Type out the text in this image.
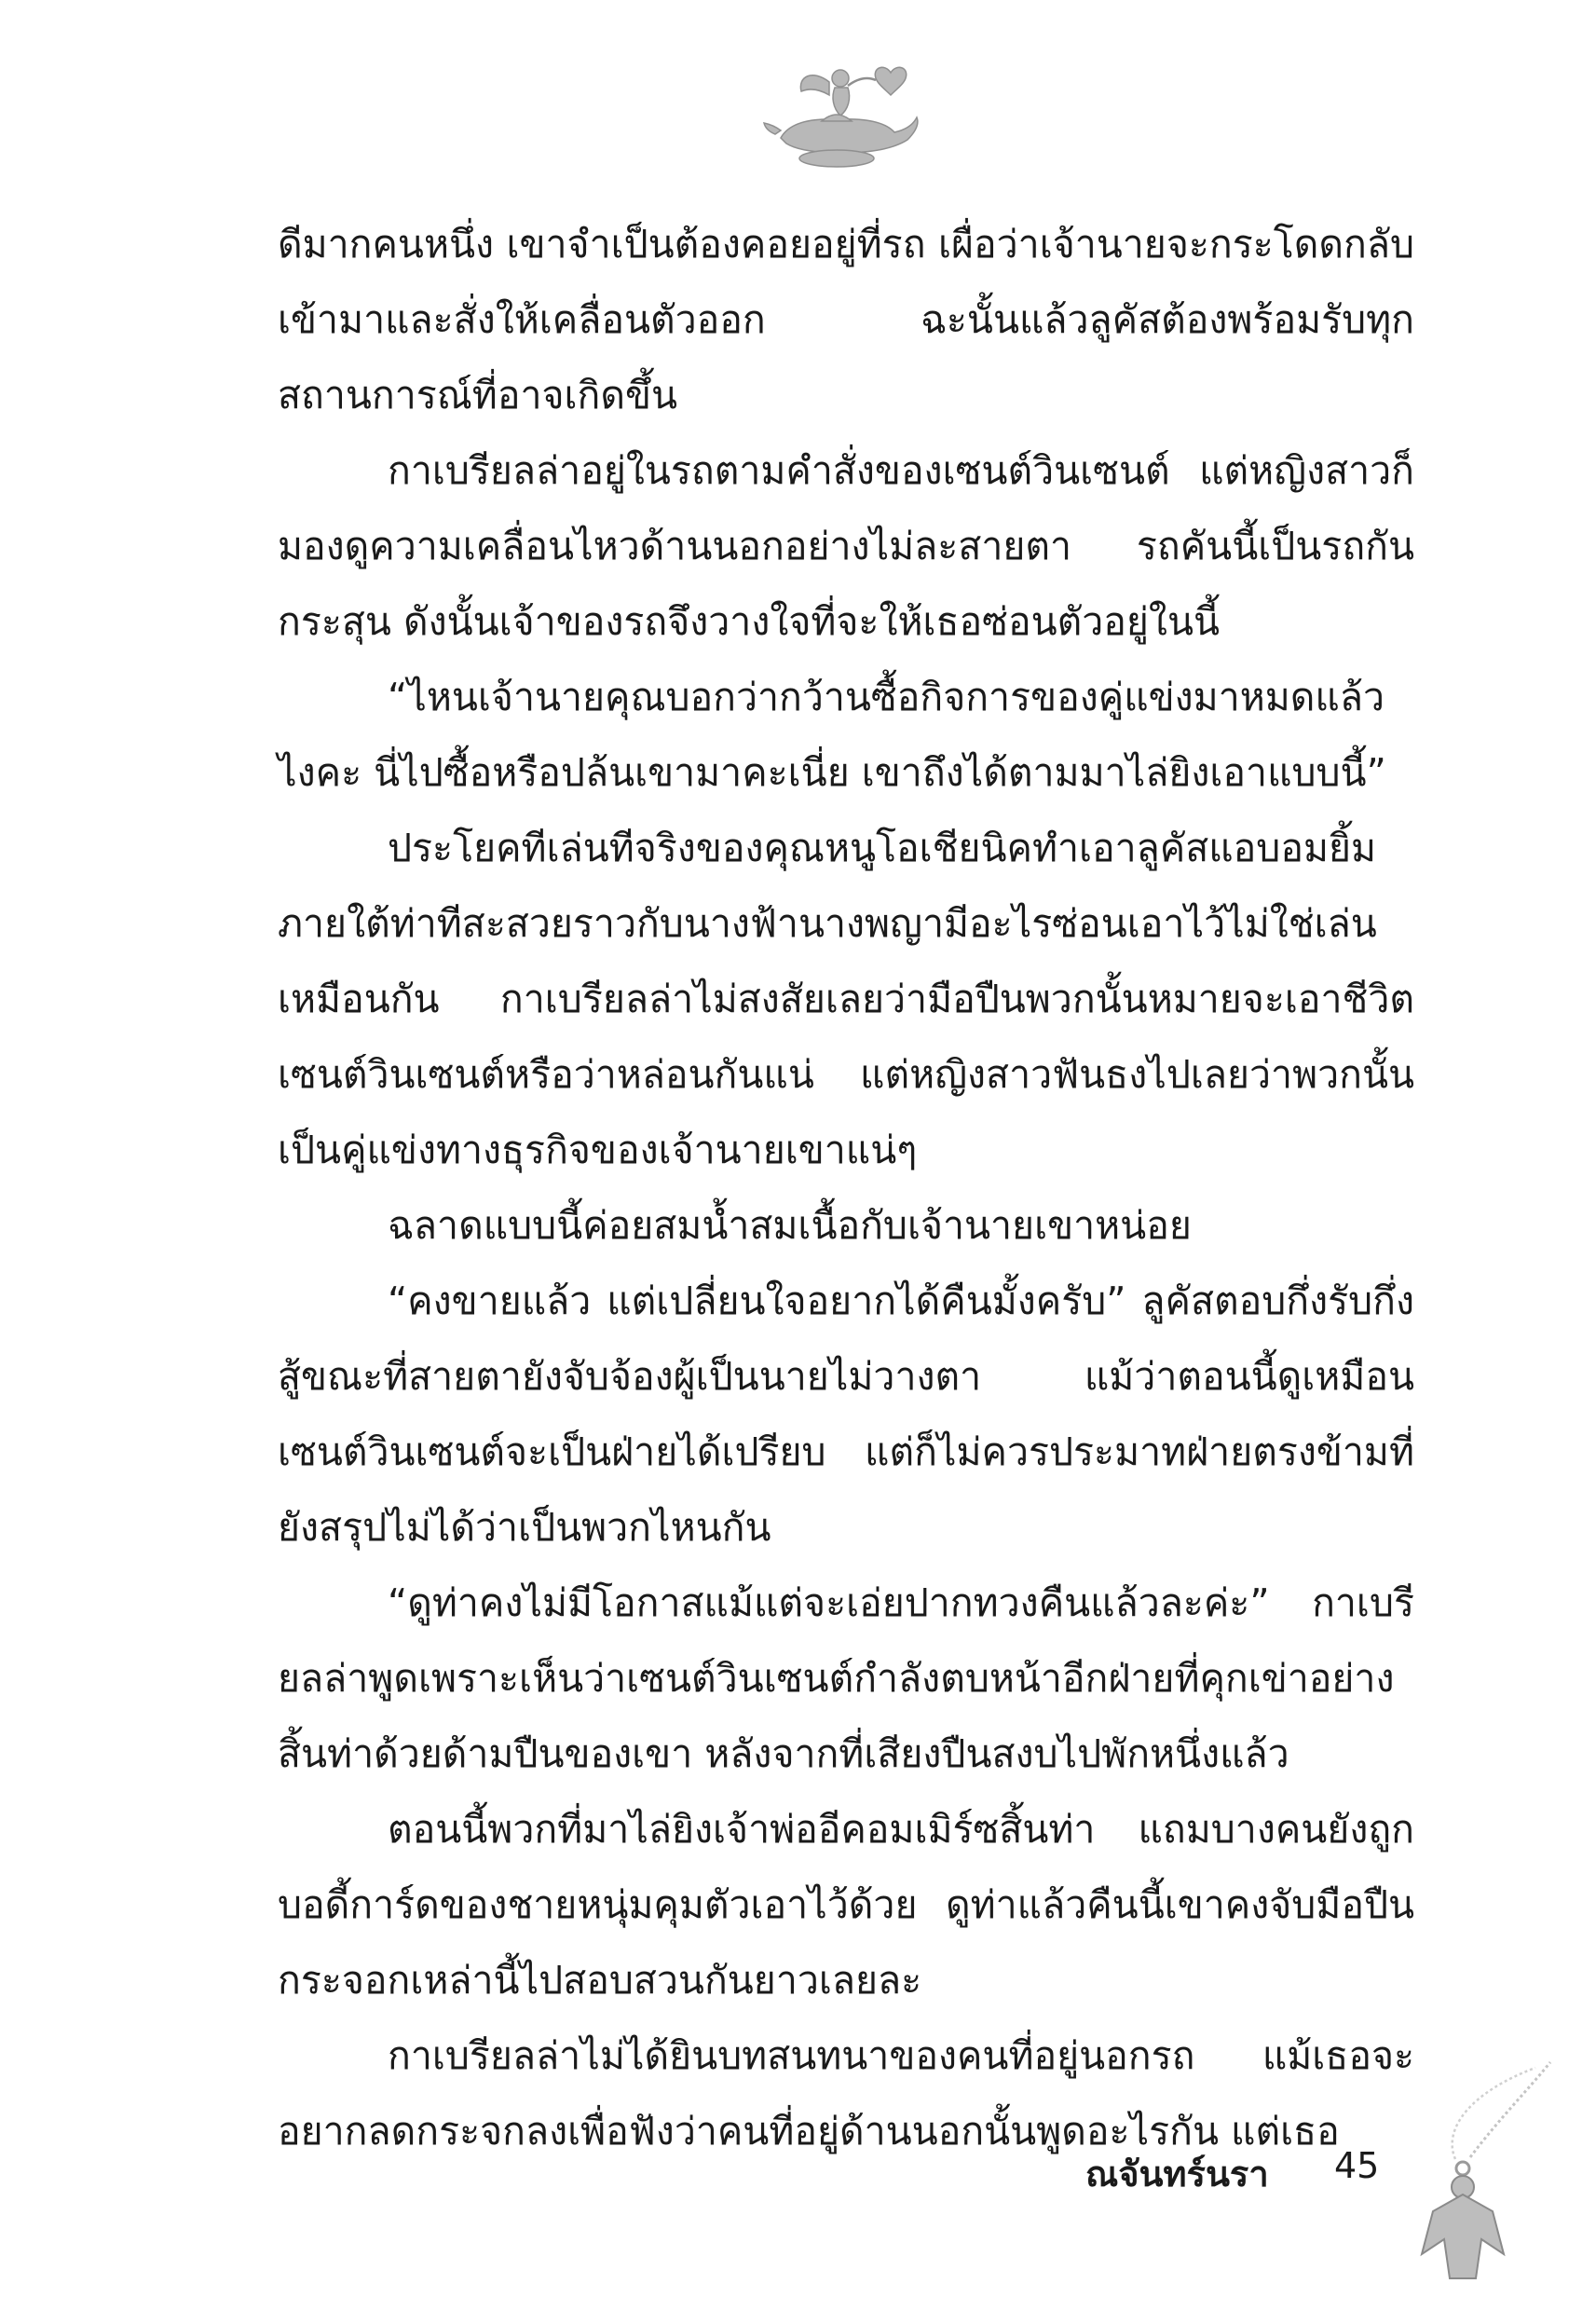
ดีมากคนหนึ่ง เขาจำเป็นต้องคอยอยู่ที่รถ เผื่อว่าเจ้านายจะกระโดดกลับเข้ามาและสั่งให้เคลื่อนตัวออก ฉะนั้นแล้วลูคัสต้องพร้อมรับทุกสถานการณ์ที่อาจเกิดขึ้น

กาเบรียลล่าอยู่ในรถตามคำสั่งของเซนต์วินเซนต์ แต่หญิงสาวก็มองดูความเคลื่อนไหวด้านนอกอย่างไม่ละสายตา รถคันนี้เป็นรถกันกระสุน ดังนั้นเจ้าของรถจึงวางใจที่จะให้เธอซ่อนตัวอยู่ในนี้

“ไหนเจ้านายคุณบอกว่ากว้านซื้อกิจการของคู่แข่งมาหมดแล้วไงคะ นี่ไปซื้อหรือปล้นเขามาคะเนี่ย เขาถึงได้ตามมาไล่ยิงเอาแบบนี้”

ประโยคทีเล่นทีจริงของคุณหนูโอเชียนิคทำเอาลูคัสแอบอมยิ้ม ภายใต้ท่าทีสะสวยราวกับนางฟ้านางพญามีอะไรซ่อนเอาไว้ไม่ใช่เล่นเหมือนกัน กาเบรียลล่าไม่สงสัยเลยว่ามือปืนพวกนั้นหมายจะเอาชีวิตเซนต์วินเซนต์หรือว่าหล่อนกันแน่ แต่หญิงสาวฟันธงไปเลยว่าพวกนั้นเป็นคู่แข่งทางธุรกิจของเจ้านายเขาแน่ๆ

ฉลาดแบบนี้ค่อยสมน้ำสมเนื้อกับเจ้านายเขาหน่อย

“คงขายแล้ว แต่เปลี่ยนใจอยากได้คืนมั้งครับ” ลูคัสตอบกึ่งรับกึ่งสู้ขณะที่สายตายังจับจ้องผู้เป็นนายไม่วางตา แม้ว่าตอนนี้ดูเหมือนเซนต์วินเซนต์จะเป็นฝ่ายได้เปรียบ แต่ก็ไม่ควรประมาทฝ่ายตรงข้ามที่ยังสรุปไม่ได้ว่าเป็นพวกไหนกัน

“ดูท่าคงไม่มีโอกาสแม้แต่จะเอ่ยปากทวงคืนแล้วละค่ะ” กาเบรียลล่าพูดเพราะเห็นว่าเซนต์วินเซนต์กำลังตบหน้าอีกฝ่ายที่คุกเข่าอย่างสิ้นท่าด้วยด้ามปืนของเขา หลังจากที่เสียงปืนสงบไปพักหนึ่งแล้ว

ตอนนี้พวกที่มาไล่ยิงเจ้าพ่ออีคอมเมิร์ซสิ้นท่า แถมบางคนยังถูกบอดี้การ์ดของชายหนุ่มคุมตัวเอาไว้ด้วย ดูท่าแล้วคืนนี้เขาคงจับมือปืนกระจอกเหล่านี้ไปสอบสวนกันยาวเลยละ

กาเบรียลล่าไม่ได้ยินบทสนทนาของคนที่อยู่นอกรถ แม้เธอจะอยากลดกระจกลงเพื่อฟังว่าคนที่อยู่ด้านนอกนั้นพูดอะไรกัน แต่เธอ

ณจันทร์นรา 45
